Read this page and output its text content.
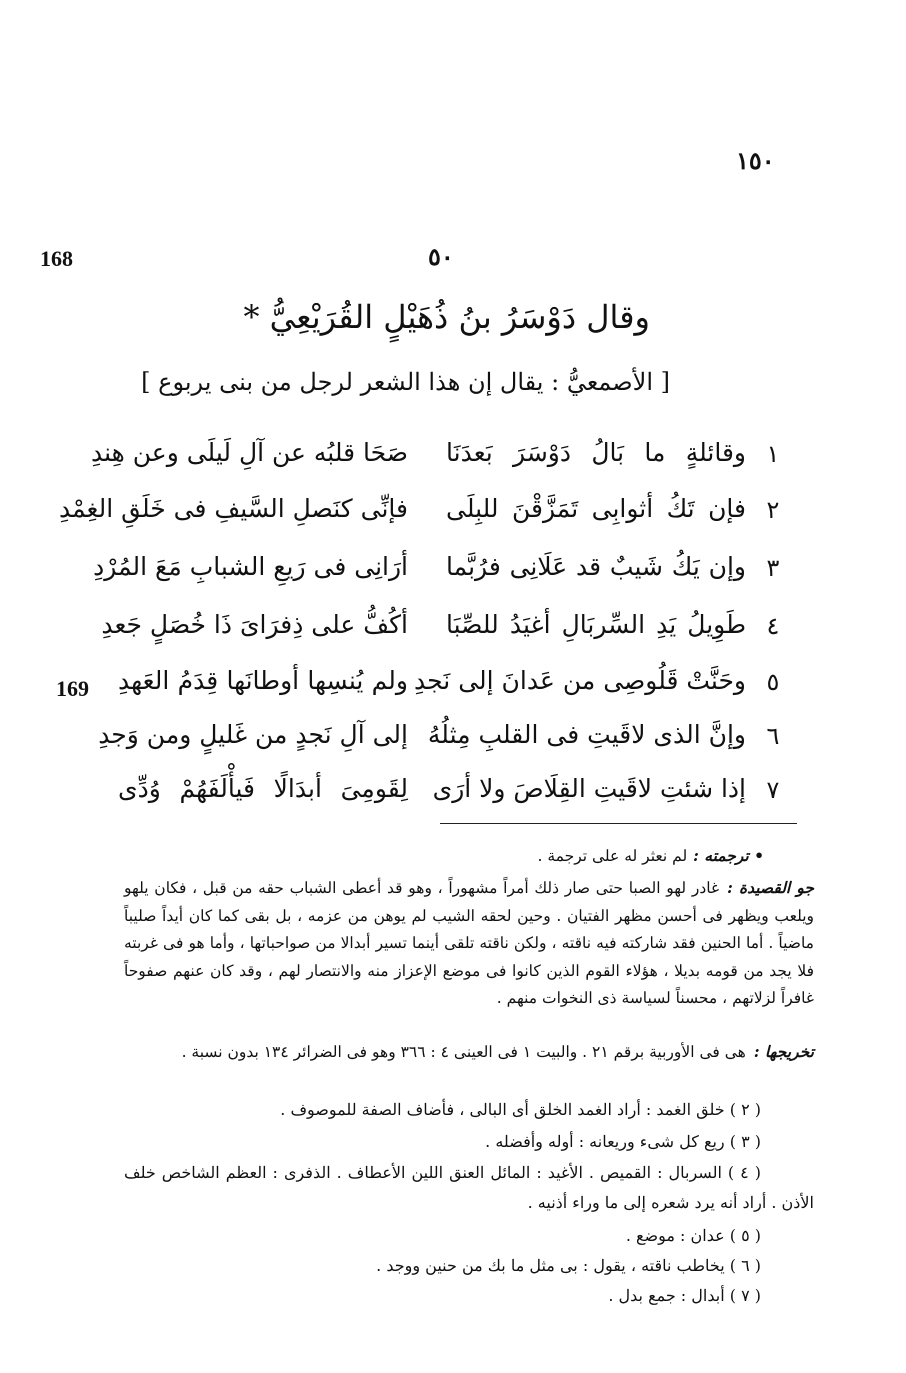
١٥٠
168	٥٠
وقال دَوْسَرُ بنُ ذُهَيْلٍ القُرَيْعِيُّ *
[ الأصمعيُّ : يقال إن هذا الشعر لرجل من بنى يربوع ]
١
وقائلةٍ ما بَالُ دَوْسَرَ بَعدَنَا
صَحَا قلبُه عن آلِ لَيلَى وعن هِندِ
٢
فإن تَكُ أثوابِى تَمَزَّقْنَ للبِلَى
فإنِّى كنَصلِ السَّيفِ فى خَلَقِ الغِمْدِ
٣
وإن يَكُ شَيبٌ قد عَلَانِى فرُبَّما
أرَانِى فى رَيعِ الشبابِ مَعَ المُرْدِ
٤
طَوِيلُ يَدِ السِّربَالِ أغيَدُ للصِّبَا
أكُفُّ على ذِفرَاىَ ذَا خُصَلٍ جَعدِ
٥
وحَنَّتْ قَلُوصِى من عَدانَ إلى نَجدِ
ولم يُنسِها أوطانَها قِدَمُ العَهدِ
٦
وإنَّ الذى لاقَيتِ فى القلبِ مِثلُهُ
إلى آلِ نَجدٍ من غَليلٍ ومن وَجدِ
٧
إذا شئتِ لاقَيتِ القِلَاصَ ولا أرَى
لِقَومِىَ أبدَالًا فَيأْلَفَهُمْ وُدِّى
169
• ترجمته :لم نعثر له على ترجمة .
جو القصيدة :غادر لهو الصبا حتى صار ذلك أمراً مشهوراً ، وهو قد أعطى الشباب حقه من قبل ، فكان يلهو ويلعب ويظهر فى أحسن مظهر الفتيان . وحين لحقه الشيب لم يوهن من عزمه ، بل بقى كما كان أيداً صليباً ماضياً . أما الحنين فقد شاركته فيه ناقته ، ولكن ناقته تلقى أينما تسير أبدالا من صواحباتها ، وأما هو فى غربته فلا يجد من قومه بديلا ، هؤلاء القوم الذين كانوا فى موضع الإعزاز منه والانتصار لهم ، وقد كان عنهم صفوحاً غافراً لزلاتهم ، محسناً لسياسة ذى النخوات منهم .
تخريجها :هى فى الأوربية برقم ٢١ . والبيت ١ فى العينى ٤ : ٣٦٦ وهو فى الضرائر ١٣٤ بدون نسبة .
( ٢ ) خلق الغمد : أراد الغمد الخلق أى البالى ، فأضاف الصفة للموصوف .
( ٣ ) ريع كل شىء وريعانه : أوله وأفضله .
( ٤ ) السربال : القميص . الأغيد : المائل العنق اللين الأعطاف . الذفرى : العظم الشاخص خلف الأذن . أراد أنه يرد شعره إلى ما وراء أذنيه .
( ٥ ) عدان : موضع .
( ٦ ) يخاطب ناقته ، يقول : بى مثل ما بك من حنين ووجد .
( ٧ ) أبدال : جمع بدل .
